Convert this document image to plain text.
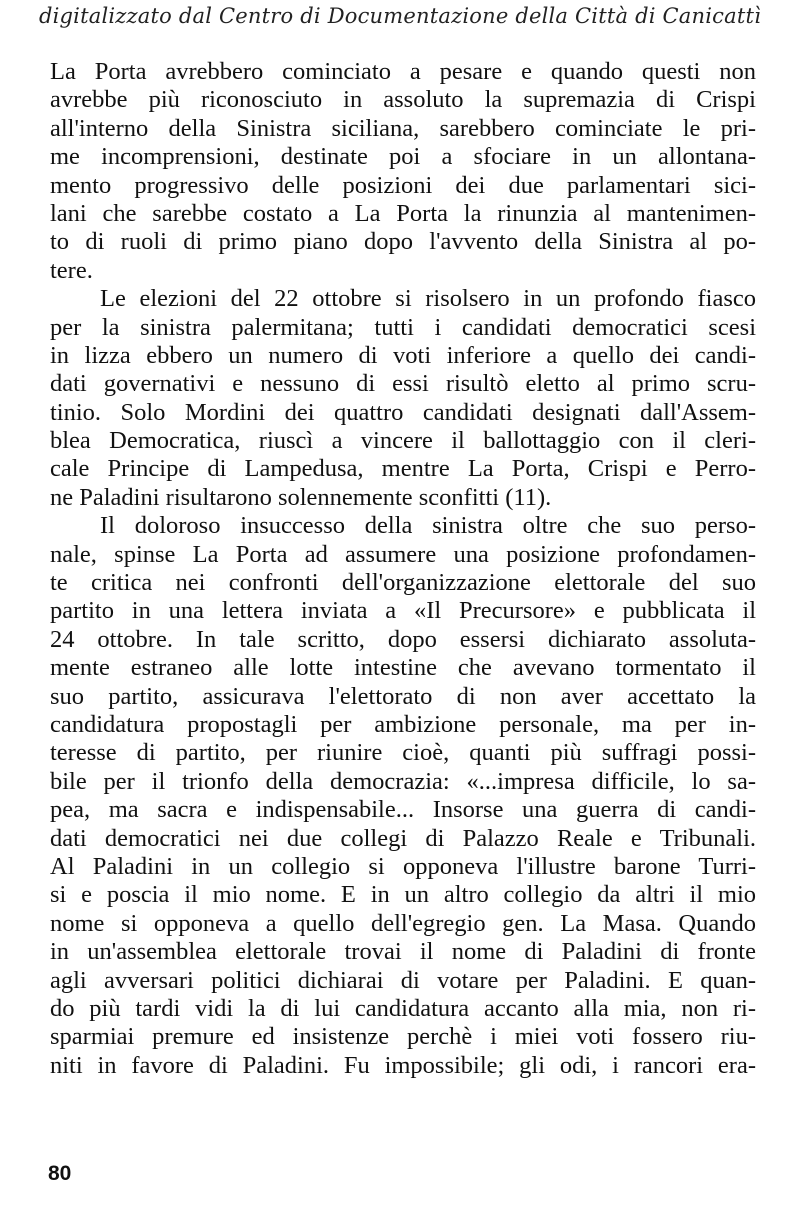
digitalizzato dal Centro di Documentazione della Città di Canicattì
La Porta avrebbero cominciato a pesare e quando questi non
avrebbe più riconosciuto in assoluto la supremazia di Crispi
all'interno della Sinistra siciliana, sarebbero cominciate le pri-
me incomprensioni, destinate poi a sfociare in un allontana-
mento progressivo delle posizioni dei due parlamentari sici-
lani che sarebbe costato a La Porta la rinunzia al mantenimen-
to di ruoli di primo piano dopo l'avvento della Sinistra al po-
tere.
Le elezioni del 22 ottobre si risolsero in un profondo fiasco
per la sinistra palermitana; tutti i candidati democratici scesi
in lizza ebbero un numero di voti inferiore a quello dei candi-
dati governativi e nessuno di essi risultò eletto al primo scru-
tinio. Solo Mordini dei quattro candidati designati dall'Assem-
blea Democratica, riuscì a vincere il ballottaggio con il cleri-
cale Principe di Lampedusa, mentre La Porta, Crispi e Perro-
ne Paladini risultarono solennemente sconfitti (11).
Il doloroso insuccesso della sinistra oltre che suo perso-
nale, spinse La Porta ad assumere una posizione profondamen-
te critica nei confronti dell'organizzazione elettorale del suo
partito in una lettera inviata a «Il Precursore» e pubblicata il
24 ottobre. In tale scritto, dopo essersi dichiarato assoluta-
mente estraneo alle lotte intestine che avevano tormentato il
suo partito, assicurava l'elettorato di non aver accettato la
candidatura propostagli per ambizione personale, ma per in-
teresse di partito, per riunire cioè, quanti più suffragi possi-
bile per il trionfo della democrazia: «...impresa difficile, lo sa-
pea, ma sacra e indispensabile... Insorse una guerra di candi-
dati democratici nei due collegi di Palazzo Reale e Tribunali.
Al Paladini in un collegio si opponeva l'illustre barone Turri-
si e poscia il mio nome. E in un altro collegio da altri il mio
nome si opponeva a quello dell'egregio gen. La Masa. Quando
in un'assemblea elettorale trovai il nome di Paladini di fronte
agli avversari politici dichiarai di votare per Paladini. E quan-
do più tardi vidi la di lui candidatura accanto alla mia, non ri-
sparmiai premure ed insistenze perchè i miei voti fossero riu-
niti in favore di Paladini. Fu impossibile; gli odi, i rancori era-
80
